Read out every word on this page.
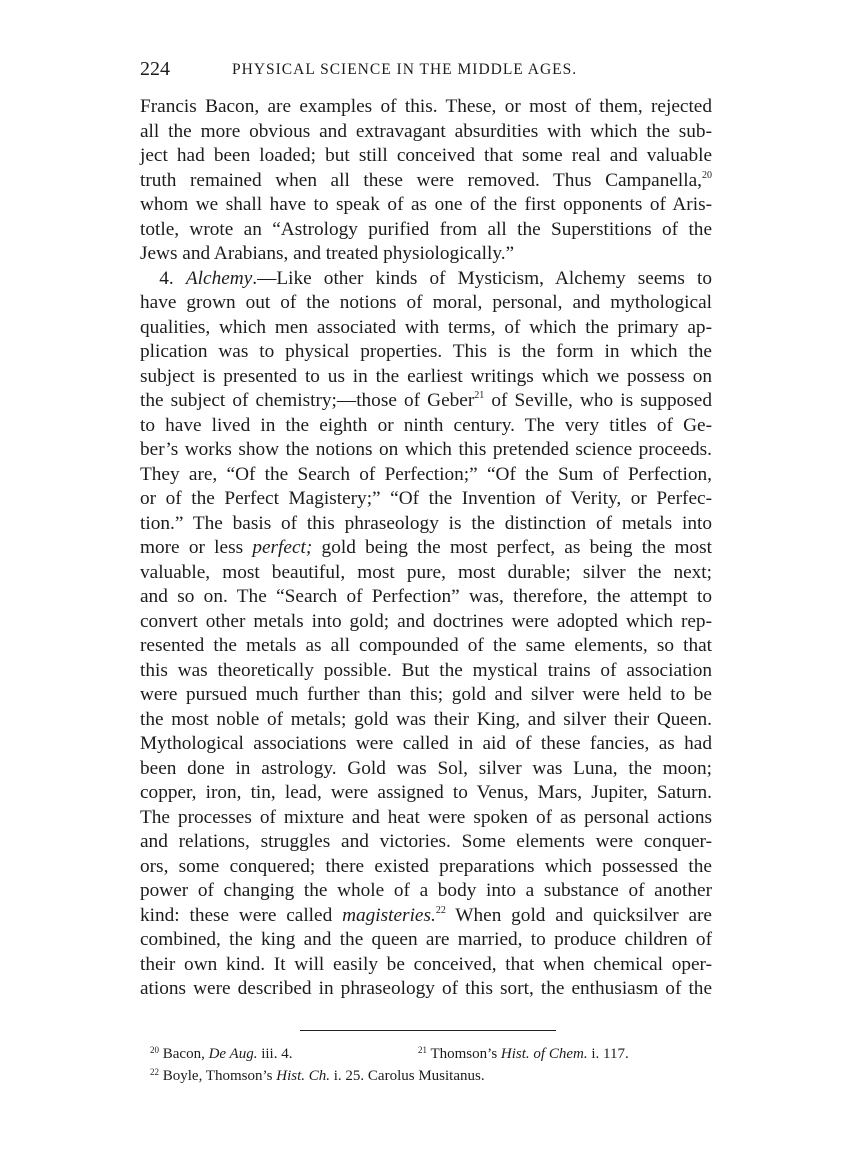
224	PHYSICAL SCIENCE IN THE MIDDLE AGES.
Francis Bacon, are examples of this. These, or most of them, rejected
all the more obvious and extravagant absurdities with which the sub-
ject had been loaded; but still conceived that some real and valuable
truth remained when all these were removed. Thus Campanella,$^{20}$
whom we shall have to speak of as one of the first opponents of Aris-
totle, wrote an “Astrology purified from all the Superstitions of the
Jews and Arabians, and treated physiologically.”
 4. Alchemy.—Like other kinds of Mysticism, Alchemy seems to
have grown out of the notions of moral, personal, and mythological
qualities, which men associated with terms, of which the primary ap-
plication was to physical properties. This is the form in which the
subject is presented to us in the earliest writings which we possess on
the subject of chemistry;—those of Geber$^{21}$ of Seville, who is supposed
to have lived in the eighth or ninth century. The very titles of Ge-
ber’s works show the notions on which this pretended science proceeds.
They are, “Of the Search of Perfection;” “Of the Sum of Perfection,
or of the Perfect Magistery;” “Of the Invention of Verity, or Perfec-
tion.” The basis of this phraseology is the distinction of metals into
more or less perfect; gold being the most perfect, as being the most
valuable, most beautiful, most pure, most durable; silver the next;
and so on. The “Search of Perfection” was, therefore, the attempt to
convert other metals into gold; and doctrines were adopted which rep-
resented the metals as all compounded of the same elements, so that
this was theoretically possible. But the mystical trains of association
were pursued much further than this; gold and silver were held to be
the most noble of metals; gold was their King, and silver their Queen.
Mythological associations were called in aid of these fancies, as had
been done in astrology. Gold was Sol, silver was Luna, the moon;
copper, iron, tin, lead, were assigned to Venus, Mars, Jupiter, Saturn.
The processes of mixture and heat were spoken of as personal actions
and relations, struggles and victories. Some elements were conquer-
ors, some conquered; there existed preparations which possessed the
power of changing the whole of a body into a substance of another
kind: these were called magisteries.$^{22}$ When gold and quicksilver are
combined, the king and the queen are married, to produce children of
their own kind. It will easily be conceived, that when chemical oper-
ations were described in phraseology of this sort, the enthusiasm of the
$^{20}$ Bacon, De Aug. iii. 4.	$^{21}$ Thomson’s Hist. of Chem. i. 117.
$^{22}$ Boyle, Thomson’s Hist. Ch. i. 25. Carolus Musitanus.
